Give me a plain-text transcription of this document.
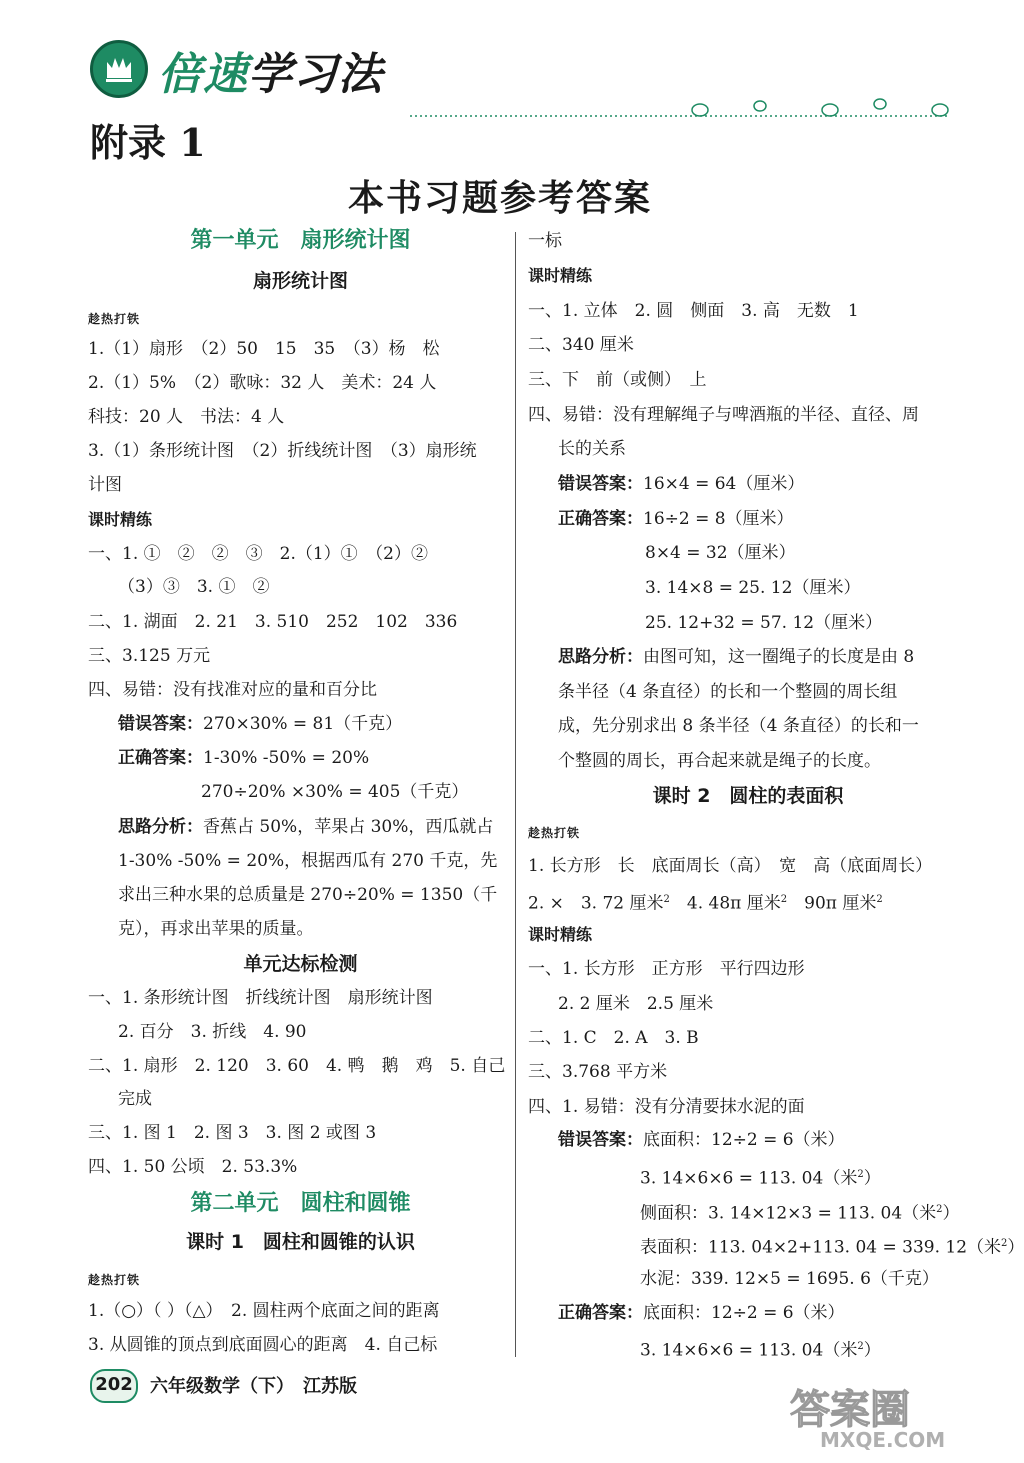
倍速学习法
附录 1
本书习题参考答案
第一单元　扇形统计图
扇形统计图
趁热打铁
1.（1）扇形　（2）50　15　35　（3）杨　松
2.（1）5%　（2）歌咏：32 人　美术：24 人
科技：20 人　书法：4 人
3.（1）条形统计图　（2）折线统计图　（3）扇形统
计图
课时精练
一、1. ①　②　②　③　2.（1）①　（2）②
（3）③　3. ①　②
二、1. 湖面　2. 21　3. 510　252　102　336
三、3.125 万元
四、易错：没有找准对应的量和百分比
错误答案：270×30% = 81（千克）
正确答案：1-30% -50% = 20%
270÷20% ×30% = 405（千克）
思路分析：香蕉占 50%，苹果占 30%，西瓜就占
1-30% -50% = 20%，根据西瓜有 270 千克，先
求出三种水果的总质量是 270÷20% = 1350（千
克），再求出苹果的质量。
单元达标检测
一、1. 条形统计图　折线统计图　扇形统计图
2. 百分　3. 折线　4. 90
二、1. 扇形　2. 120　3. 60　4. 鸭　鹅　鸡　5. 自己
完成
三、1. 图 1　2. 图 3　3. 图 2 或图 3
四、1. 50 公顷　2. 53.3%
第二单元　圆柱和圆锥
课时 1　圆柱和圆锥的认识
趁热打铁
1.（○）（ ）（△）　2. 圆柱两个底面之间的距离
3. 从圆锥的顶点到底面圆心的距离　4. 自己标
一标
课时精练
一、1. 立体　2. 圆　侧面　3. 高　无数　1
二、340 厘米
三、下　前（或侧）　上
四、易错：没有理解绳子与啤酒瓶的半径、直径、周
长的关系
错误答案：16×4 = 64（厘米）
正确答案：16÷2 = 8（厘米）
8×4 = 32（厘米）
3. 14×8 = 25. 12（厘米）
25. 12+32 = 57. 12（厘米）
思路分析：由图可知，这一圈绳子的长度是由 8
条半径（4 条直径）的长和一个整圆的周长组
成，先分别求出 8 条半径（4 条直径）的长和一
个整圆的周长，再合起来就是绳子的长度。
课时 2　圆柱的表面积
趁热打铁
1. 长方形　长　底面周长（高）　宽　高（底面周长）
2. ×　3. 72 厘米$^2$　4. 48π 厘米$^2$　90π 厘米$^2$
课时精练
一、1. 长方形　正方形　平行四边形
2. 2 厘米　2.5 厘米
二、1. C　2. A　3. B
三、3.768 平方米
四、1. 易错：没有分清要抹水泥的面
错误答案：底面积：12÷2 = 6（米）
3. 14×6×6 = 113. 04（米$^2$）
侧面积：3. 14×12×3 = 113. 04（米$^2$）
表面积：113. 04×2+113. 04 = 339. 12（米$^2$）
水泥：339. 12×5 = 1695. 6（千克）
正确答案：底面积：12÷2 = 6（米）
3. 14×6×6 = 113. 04（米$^2$）
202 六年级数学（下）　江苏版
答案圈
MXQE.COM
